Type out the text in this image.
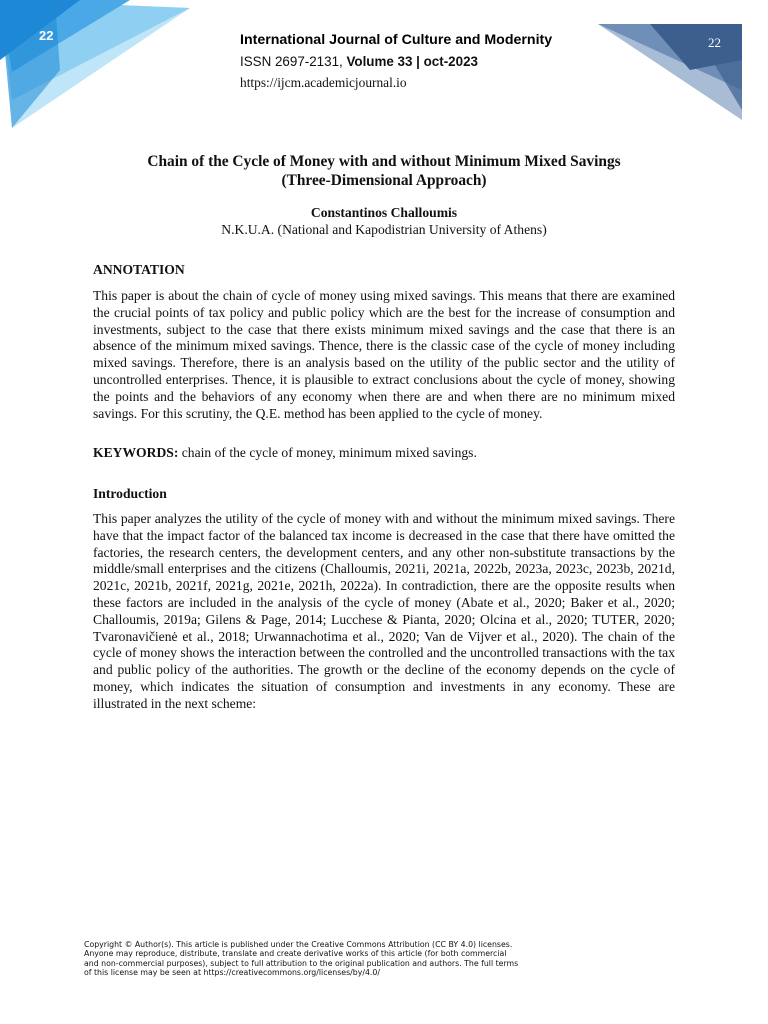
22	22
International Journal of Culture and Modernity
ISSN 2697-2131, Volume 33 | oct-2023
https://ijcm.academicjournal.io
Chain of the Cycle of Money with and without Minimum Mixed Savings
(Three-Dimensional Approach)
Constantinos Challoumis
N.K.U.A. (National and Kapodistrian University of Athens)
ANNOTATION
This paper is about the chain of cycle of money using mixed savings. This means that there are examined the crucial points of tax policy and public policy which are the best for the increase of consumption and investments, subject to the case that there exists minimum mixed savings and the case that there is an absence of the minimum mixed savings. Thence, there is the classic case of the cycle of money including mixed savings. Therefore, there is an analysis based on the utility of the public sector and the utility of uncontrolled enterprises. Thence, it is plausible to extract conclusions about the cycle of money, showing the points and the behaviors of any economy when there are and when there are no minimum mixed savings. For this scrutiny, the Q.E. method has been applied to the cycle of money.
KEYWORDS: chain of the cycle of money, minimum mixed savings.
Introduction
This paper analyzes the utility of the cycle of money with and without the minimum mixed savings. There have that the impact factor of the balanced tax income is decreased in the case that there have omitted the factories, the research centers, the development centers, and any other non-substitute transactions by the middle/small enterprises and the citizens (Challoumis, 2021i, 2021a, 2022b, 2023a, 2023c, 2023b, 2021d, 2021c, 2021b, 2021f, 2021g, 2021e, 2021h, 2022a). In contradiction, there are the opposite results when these factors are included in the analysis of the cycle of money (Abate et al., 2020; Baker et al., 2020; Challoumis, 2019a; Gilens & Page, 2014; Lucchese & Pianta, 2020; Olcina et al., 2020; TUTER, 2020; Tvaronavičienė et al., 2018; Urwannachotima et al., 2020; Van de Vijver et al., 2020). The chain of the cycle of money shows the interaction between the controlled and the uncontrolled transactions with the tax and public policy of the authorities. The growth or the decline of the economy depends on the cycle of money, which indicates the situation of consumption and investments in any economy. These are illustrated in the next scheme:
Copyright © Author(s). This article is published under the Creative Commons Attribution (CC BY 4.0) licenses.
Anyone may reproduce, distribute, translate and create derivative works of this article (for both commercial
and non-commercial purposes), subject to full attribution to the original publication and authors. The full terms
of this license may be seen at https://creativecommons.org/licenses/by/4.0/
